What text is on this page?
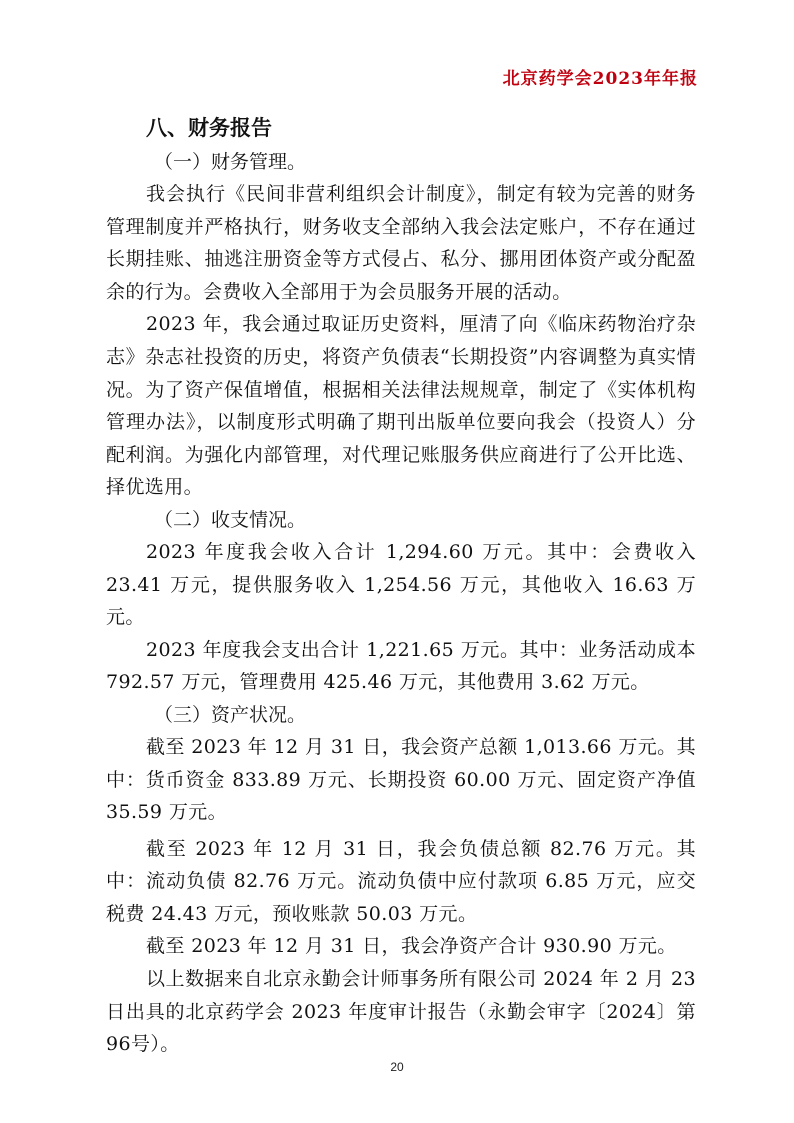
北京药学会2023年年报
八、财务报告
（一）财务管理。

我会执行《民间非营利组织会计制度》，制定有较为完善的财务管理制度并严格执行，财务收支全部纳入我会法定账户，不存在通过长期挂账、抽逃注册资金等方式侵占、私分、挪用团体资产或分配盈余的行为。会费收入全部用于为会员服务开展的活动。

2023 年，我会通过取证历史资料，厘清了向《临床药物治疗杂志》杂志社投资的历史，将资产负债表“长期投资”内容调整为真实情况。为了资产保值增值，根据相关法律法规规章，制定了《实体机构管理办法》，以制度形式明确了期刊出版单位要向我会（投资人）分配利润。为强化内部管理，对代理记账服务供应商进行了公开比选、择优选用。

（二）收支情况。

2023 年度我会收入合计 1,294.60 万元。其中：会费收入 23.41 万元，提供服务收入 1,254.56 万元，其他收入 16.63 万元。

2023 年度我会支出合计 1,221.65 万元。其中：业务活动成本 792.57 万元，管理费用 425.46 万元，其他费用 3.62 万元。

（三）资产状况。

截至 2023 年 12 月 31 日，我会资产总额 1,013.66 万元。其中：货币资金 833.89 万元、长期投资 60.00 万元、固定资产净值 35.59 万元。

截至 2023 年 12 月 31 日，我会负债总额 82.76 万元。其中：流动负债 82.76 万元。流动负债中应付款项 6.85 万元，应交税费 24.43 万元，预收账款 50.03 万元。

截至 2023 年 12 月 31 日，我会净资产合计 930.90 万元。

以上数据来自北京永勤会计师事务所有限公司 2024 年 2 月 23 日出具的北京药学会 2023 年度审计报告（永勤会审字〔2024〕第 96号）。

20
